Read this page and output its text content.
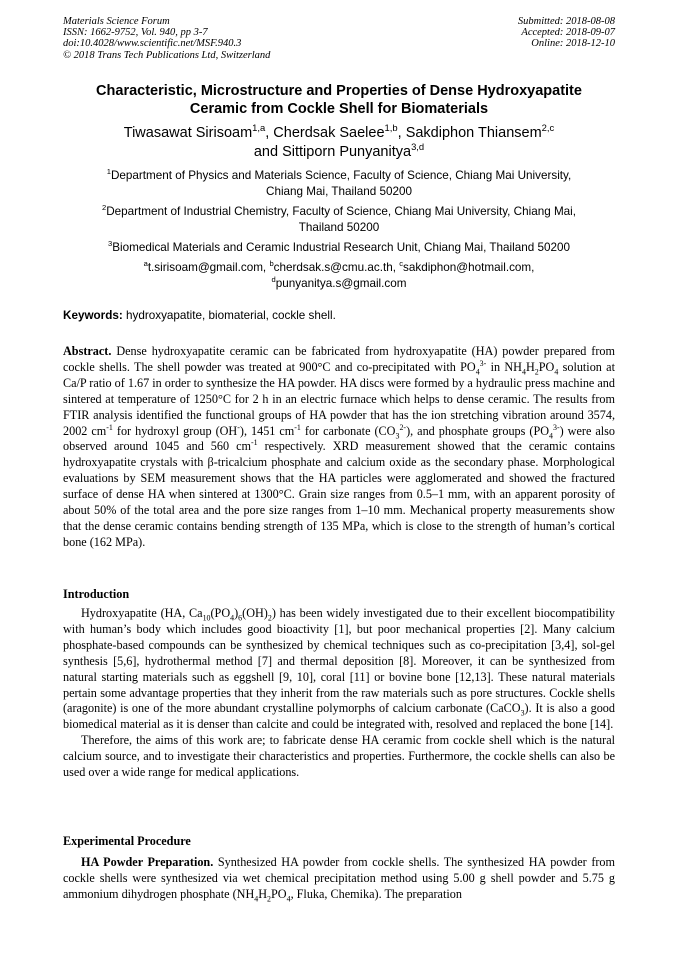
Materials Science Forum
ISSN: 1662-9752, Vol. 940, pp 3-7
doi:10.4028/www.scientific.net/MSF.940.3
© 2018 Trans Tech Publications Ltd, Switzerland
Submitted: 2018-08-08
Accepted: 2018-09-07
Online: 2018-12-10
Characteristic, Microstructure and Properties of Dense Hydroxyapatite
Ceramic from Cockle Shell for Biomaterials
Tiwasawat Sirisoam$^{1,a}$, Cherdsak Saelee$^{1,b}$, Sakdiphon Thiansem$^{2,c}$
and Sittiporn Punyanitya$^{3,d}$
$^1$Department of Physics and Materials Science, Faculty of Science, Chiang Mai University,
Chiang Mai, Thailand 50200
$^2$Department of Industrial Chemistry, Faculty of Science, Chiang Mai University, Chiang Mai,
Thailand 50200
$^3$Biomedical Materials and Ceramic Industrial Research Unit, Chiang Mai, Thailand 50200
$^a$t.sirisoam@gmail.com, $^b$cherdsak.s@cmu.ac.th, $^c$sakdiphon@hotmail.com,
$^d$punyanitya.s@gmail.com
Keywords: hydroxyapatite, biomaterial, cockle shell.

Abstract. Dense hydroxyapatite ceramic can be fabricated from hydroxyapatite (HA) powder prepared from cockle shells. The shell powder was treated at 900°C and co-precipitated with $PO_4^{3-}$ in $NH_4H_2PO_4$ solution at Ca/P ratio of 1.67 in order to synthesize the HA powder. HA discs were formed by a hydraulic press machine and sintered at temperature of 1250°C for 2 h in an electric furnace which helps to dense ceramic. The results from FTIR analysis identified the functional groups of HA powder that has the ion stretching vibration around 3574, 2002 $cm^{-1}$ for hydroxyl group (OH-), 1451 $cm^{-1}$ for carbonate $(CO_3^{2-})$, and phosphate groups $(PO_4^{3-})$ were also observed around 1045 and 560 $cm^{-1}$ respectively. XRD measurement showed that the ceramic contains hydroxyapatite crystals with β-tricalcium phosphate and calcium oxide as the secondary phase. Morphological evaluations by SEM measurement shows that the HA particles were agglomerated and showed the fractured surface of dense HA when sintered at 1300°C. Grain size ranges from 0.5–1 mm, with an apparent porosity of about 50% of the total area and the pore size ranges from 1–10 mm. Mechanical property measurements show that the dense ceramic contains bending strength of 135 MPa, which is close to the strength of human’s cortical bone (162 MPa).

Introduction

Hydroxyapatite (HA, $Ca_{10}(PO_4)_6(OH)_2$) has been widely investigated due to their excellent biocompatibility with human’s body which includes good bioactivity [1], but poor mechanical properties [2]. Many calcium phosphate-based compounds can be synthesized by chemical techniques such as co-precipitation [3,4], sol-gel synthesis [5,6], hydrothermal method [7] and thermal deposition [8]. Moreover, it can be synthesized from natural starting materials such as eggshell [9, 10], coral [11] or bovine bone [12,13]. These natural materials pertain some advantage properties that they inherit from the raw materials such as pore structures. Cockle shells (aragonite) is one of the more abundant crystalline polymorphs of calcium carbonate (CaCO$_3$). It is also a good biomedical material as it is denser than calcite and could be integrated with, resolved and replaced the bone [14].

Therefore, the aims of this work are; to fabricate dense HA ceramic from cockle shell which is the natural calcium source, and to investigate their characteristics and properties. Furthermore, the cockle shells can also be used over a wide range for medical applications.

Experimental Procedure

HA Powder Preparation. Synthesized HA powder from cockle shells. The synthesized HA powder from cockle shells were synthesized via wet chemical precipitation method using 5.00 g shell powder and 5.75 g ammonium dihydrogen phosphate ($NH_4H_2PO_4$, Fluka, Chemika). The preparation
